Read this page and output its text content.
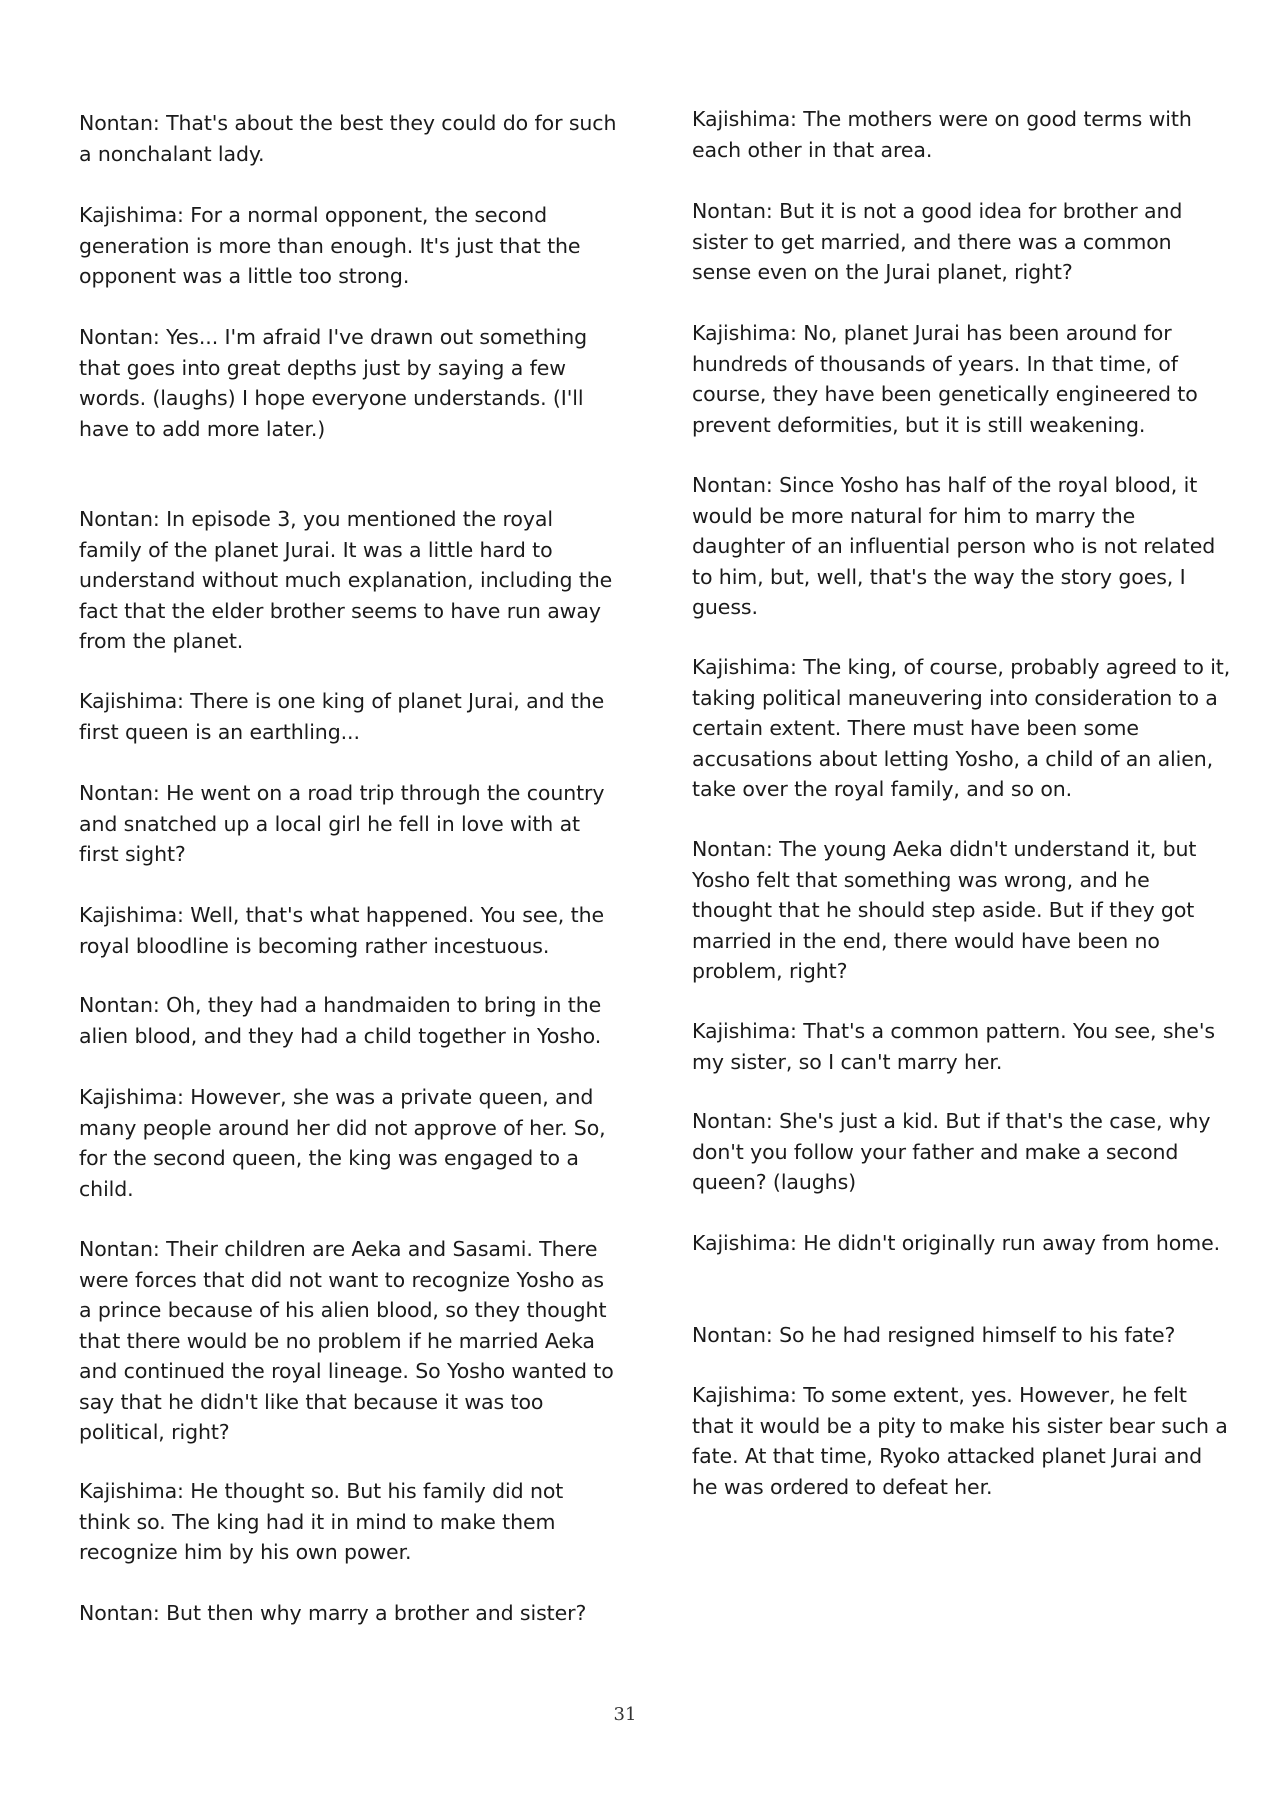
Nontan: That's about the best they could do for such a nonchalant lady.

Kajishima: For a normal opponent, the second generation is more than enough. It's just that the opponent was a little too strong.

Nontan: Yes... I'm afraid I've drawn out something that goes into great depths just by saying a few words. (laughs) I hope everyone understands. (I'll have to add more later.)

Nontan: In episode 3, you mentioned the royal family of the planet Jurai. It was a little hard to understand without much explanation, including the fact that the elder brother seems to have run away from the planet.

Kajishima: There is one king of planet Jurai, and the first queen is an earthling...

Nontan: He went on a road trip through the country and snatched up a local girl he fell in love with at first sight?

Kajishima: Well, that's what happened. You see, the royal bloodline is becoming rather incestuous.

Nontan: Oh, they had a handmaiden to bring in the alien blood, and they had a child together in Yosho.

Kajishima: However, she was a private queen, and many people around her did not approve of her. So, for the second queen, the king was engaged to a child.

Nontan: Their children are Aeka and Sasami. There were forces that did not want to recognize Yosho as a prince because of his alien blood, so they thought that there would be no problem if he married Aeka and continued the royal lineage. So Yosho wanted to say that he didn't like that because it was too political, right?

Kajishima: He thought so. But his family did not think so. The king had it in mind to make them recognize him by his own power.

Nontan: But then why marry a brother and sister?

Kajishima: The mothers were on good terms with each other in that area.

Nontan: But it is not a good idea for brother and sister to get married, and there was a common sense even on the Jurai planet, right?

Kajishima: No, planet Jurai has been around for hundreds of thousands of years. In that time, of course, they have been genetically engineered to prevent deformities, but it is still weakening.

Nontan: Since Yosho has half of the royal blood, it would be more natural for him to marry the daughter of an influential person who is not related to him, but, well, that's the way the story goes, I guess.

Kajishima: The king, of course, probably agreed to it, taking political maneuvering into consideration to a certain extent. There must have been some accusations about letting Yosho, a child of an alien, take over the royal family, and so on.

Nontan: The young Aeka didn't understand it, but Yosho felt that something was wrong, and he thought that he should step aside. But if they got married in the end, there would have been no problem, right?

Kajishima: That's a common pattern. You see, she's my sister, so I can't marry her.

Nontan: She's just a kid. But if that's the case, why don't you follow your father and make a second queen? (laughs)

Kajishima: He didn't originally run away from home.

Nontan: So he had resigned himself to his fate?

Kajishima: To some extent, yes. However, he felt that it would be a pity to make his sister bear such a fate. At that time, Ryoko attacked planet Jurai and he was ordered to defeat her.

31
